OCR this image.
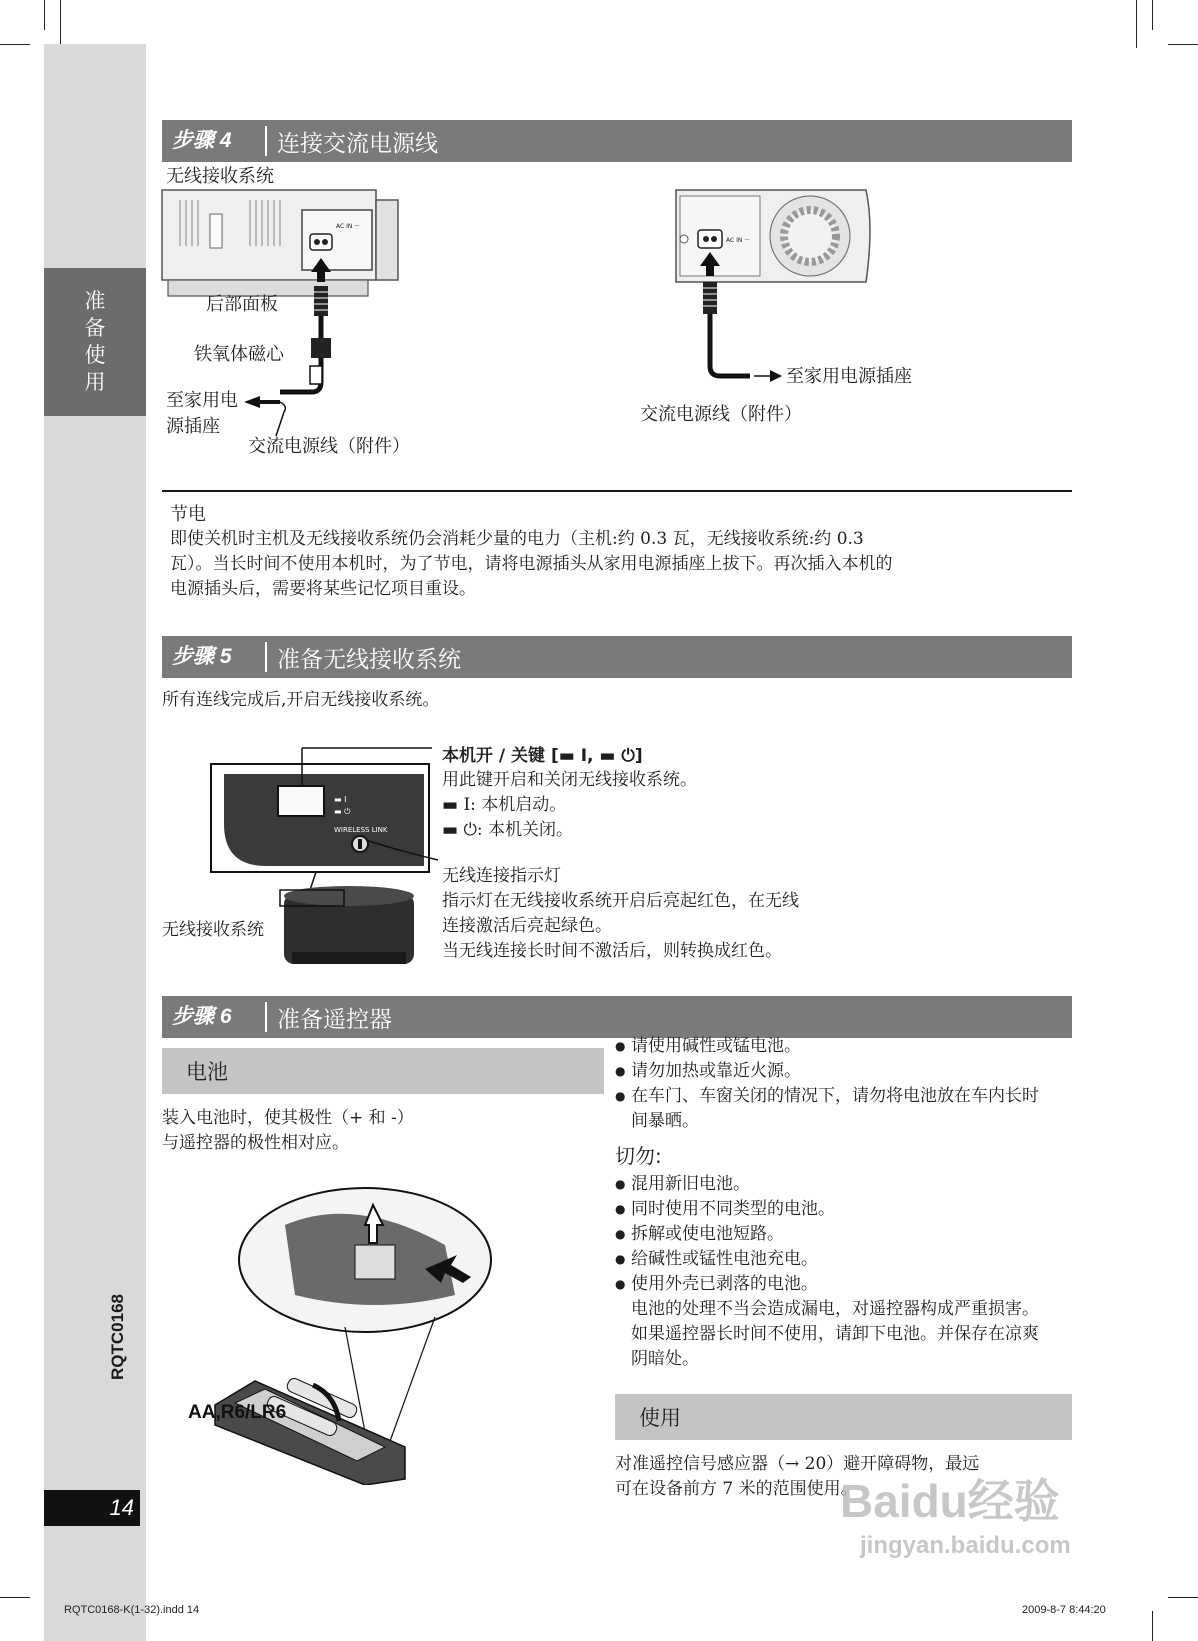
准
备
使
用
RQTC0168
14
步骤 4	连接交流电源线
无线接收系统
AC IN ～
后部面板
铁氧体磁心
至家用电
源插座
交流电源线（附件）
AC IN ～
至家用电源插座
交流电源线（附件）
节电
即使关机时主机及无线接收系统仍会消耗少量的电力（主机:约 0.3 瓦，无线接收系统:约 0.3
瓦）。当长时间不使用本机时，为了节电，请将电源插头从家用电源插座上拔下。再次插入本机的
电源插头后，需要将某些记忆项目重设。
步骤 5	准备无线接收系统
所有连线完成后,开启无线接收系统。
▬ I
▬ ⏻
WIRELESS LINK
无线接收系统
本机开 / 关键 [▬ I, ▬ ⏻]
用此键开启和关闭无线接收系统。
▬ I: 本机启动。
▬ ⏻: 本机关闭。
无线连接指示灯
指示灯在无线接收系统开启后亮起红色，在无线
连接激活后亮起绿色。
当无线连接长时间不激活后，则转换成红色。
步骤 6	准备遥控器
电池
装入电池时，使其极性（+ 和 -）
与遥控器的极性相对应。
AA,R6/LR6
● 请使用碱性或锰电池。
● 请勿加热或靠近火源。
● 在车门、车窗关闭的情况下，请勿将电池放在车内长时间暴晒。
切勿:
● 混用新旧电池。
● 同时使用不同类型的电池。
● 拆解或使电池短路。
● 给碱性或锰性电池充电。
● 使用外壳已剥落的电池。
电池的处理不当会造成漏电，对遥控器构成严重损害。如果遥控器长时间不使用，请卸下电池。并保存在凉爽阴暗处。
使用
对准遥控信号感应器（→ 20）避开障碍物，最远
可在设备前方 7 米的范围使用。
Baidu经验
jingyan.baidu.com
RQTC0168-K(1-32).indd 14	2009-8-7 8:44:20
